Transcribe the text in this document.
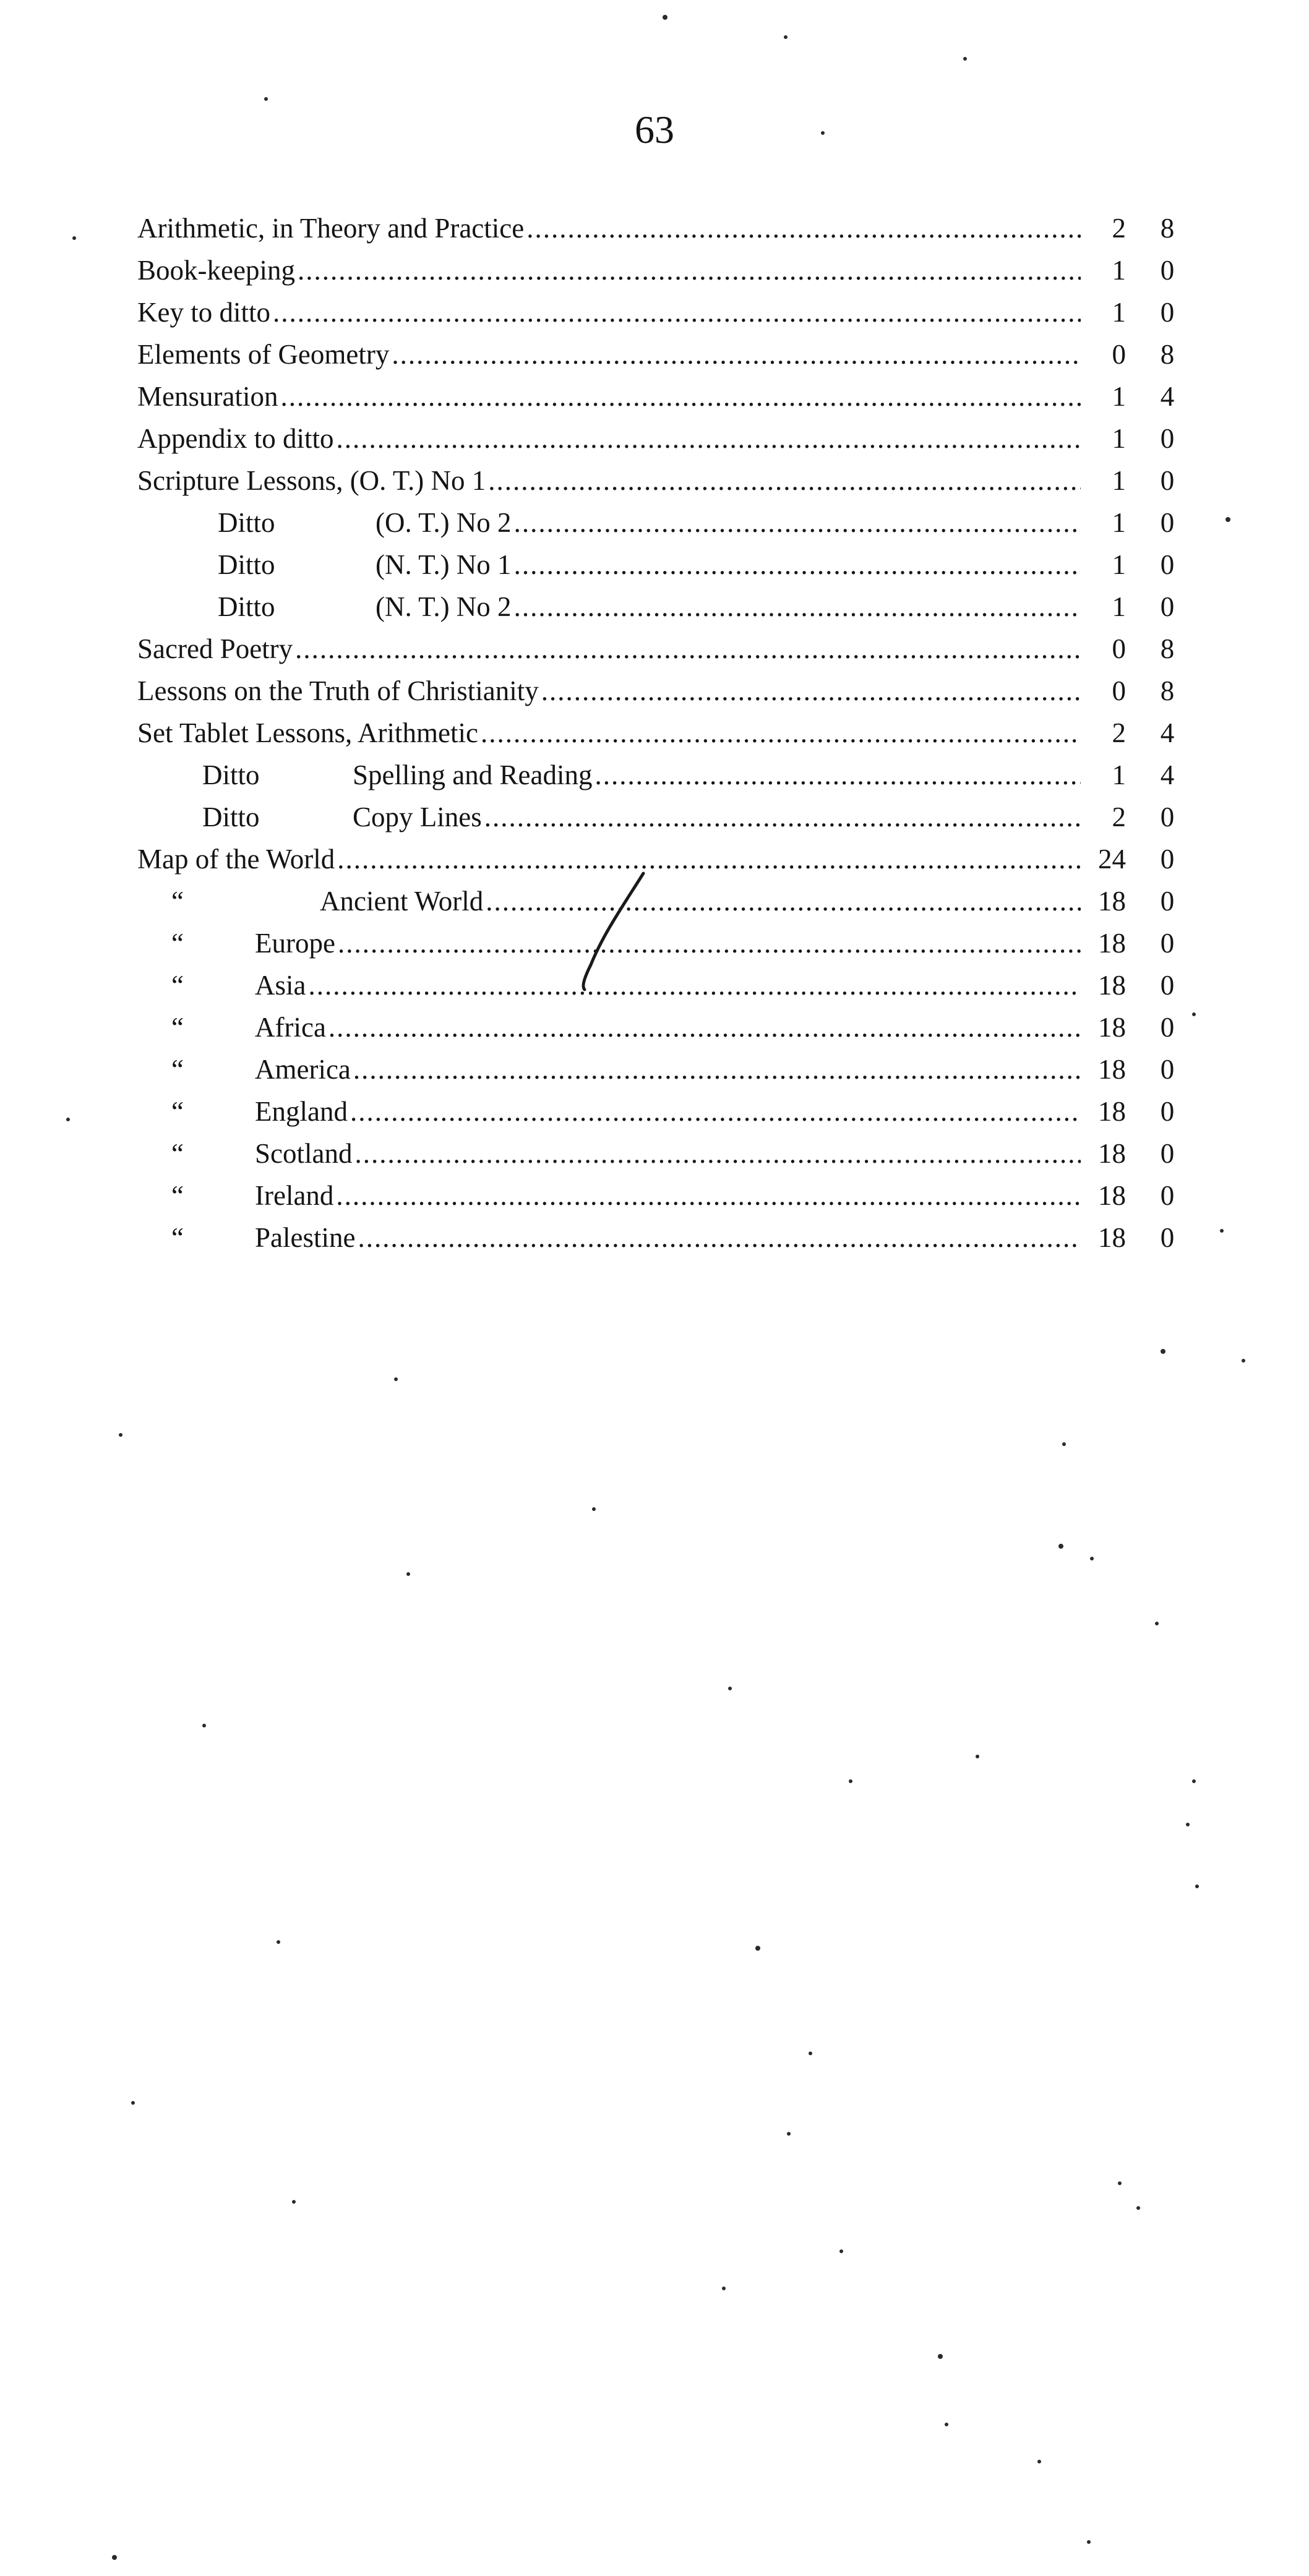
63
Arithmetic, in Theory and Practice .....	2	8
Book-keeping .....	1	0
Key to ditto .....	1	0
Elements of Geometry .....	0	8
Mensuration .....	1	4
Appendix to ditto .....	1	0
Scripture Lessons, (O. T.) No 1 .....	1	0
Ditto	(O. T.) No 2 .....	1	0
Ditto	(N. T.) No 1 .....	1	0
Ditto	(N. T.) No 2 .....	1	0
Sacred Poetry .....	0	8
Lessons on the Truth of Christianity .....	0	8
Set Tablet Lessons, Arithmetic .....	2	4
Ditto	Spelling and Reading .....	1	4
Ditto	Copy Lines .....	2	0
Map of the World .....	24	0
“	Ancient World .....	18	0
“	Europe .....	18	0
“	Asia .....	18	0
“	Africa .....	18	0
“	America .....	18	0
“	England .....	18	0
“	Scotland .....	18	0
“	Ireland .....	18	0
“	Palestine .....	18	0
